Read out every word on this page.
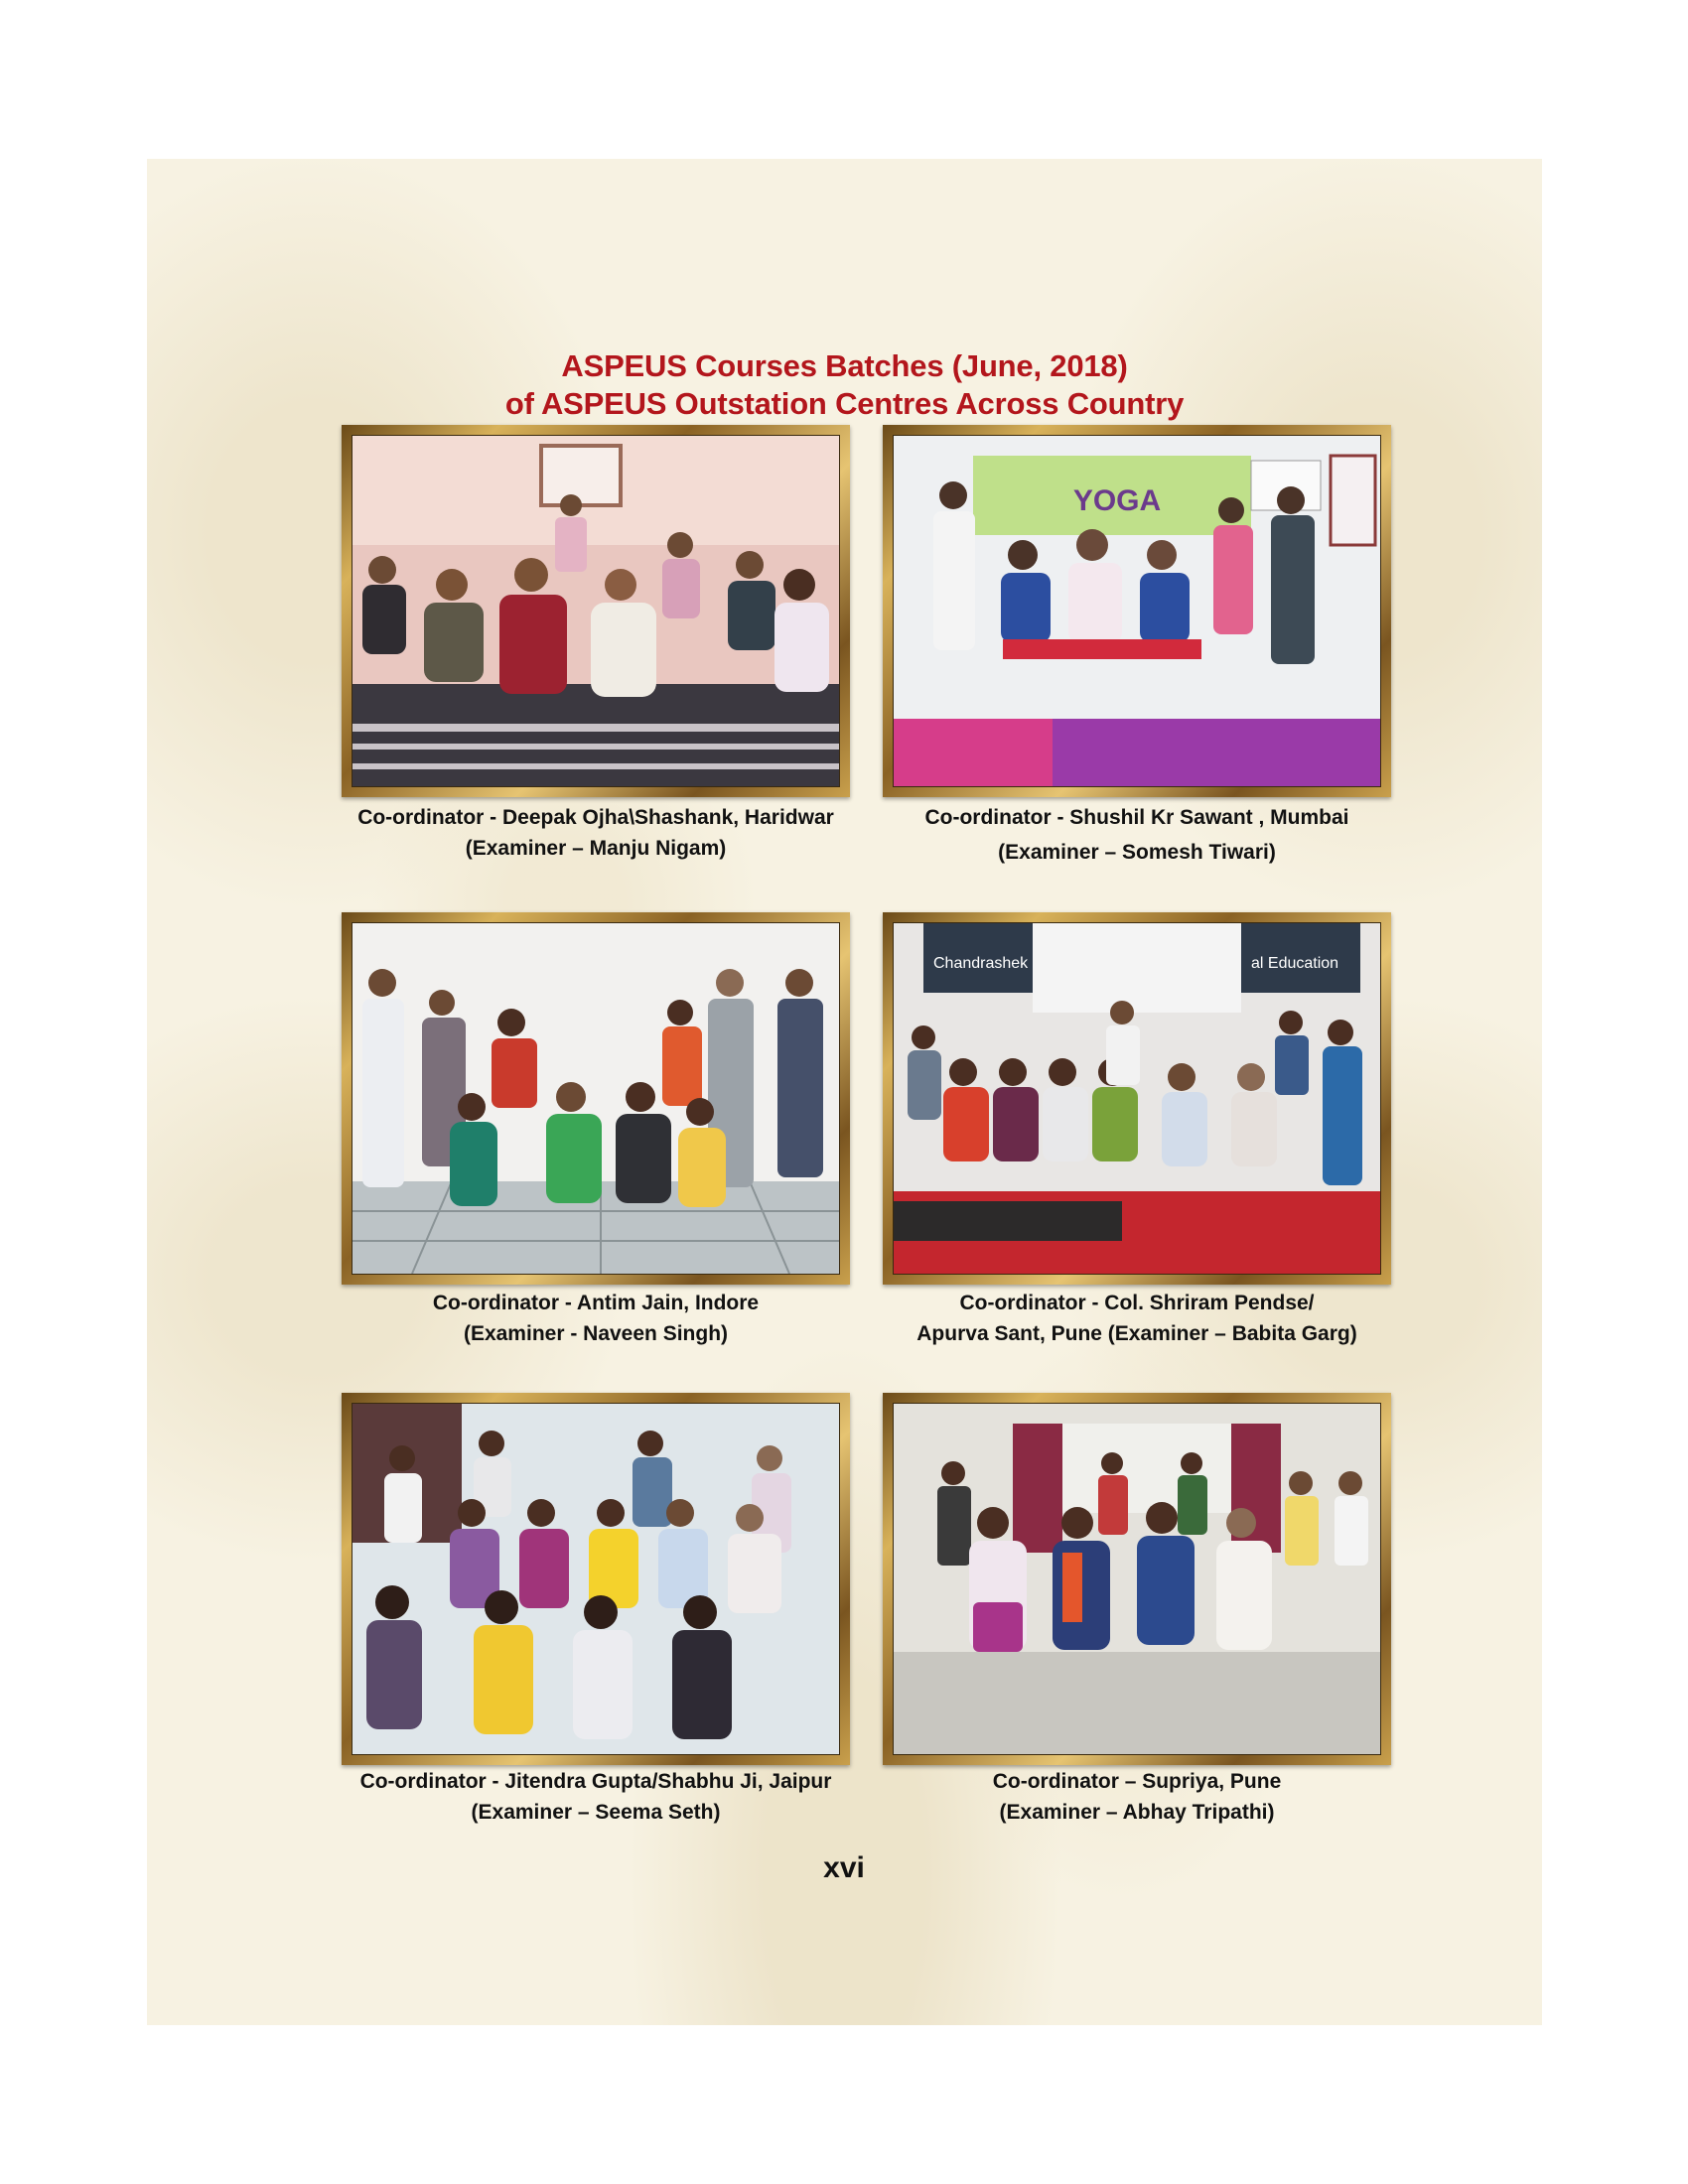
ASPEUS Courses Batches (June, 2018)
of ASPEUS Outstation Centres Across Country
YOGA
Chandrashek	al Education
Co-ordinator - Deepak Ojha\Shashank, Haridwar
(Examiner – Manju Nigam)
Co-ordinator - Shushil Kr Sawant , Mumbai
(Examiner – Somesh Tiwari)
Co-ordinator - Antim Jain, Indore
(Examiner - Naveen Singh)
Co-ordinator - Col. Shriram Pendse/
Apurva Sant, Pune (Examiner – Babita Garg)
Co-ordinator - Jitendra Gupta/Shabhu Ji, Jaipur
(Examiner – Seema Seth)
Co-ordinator – Supriya, Pune
(Examiner – Abhay Tripathi)
xvi
